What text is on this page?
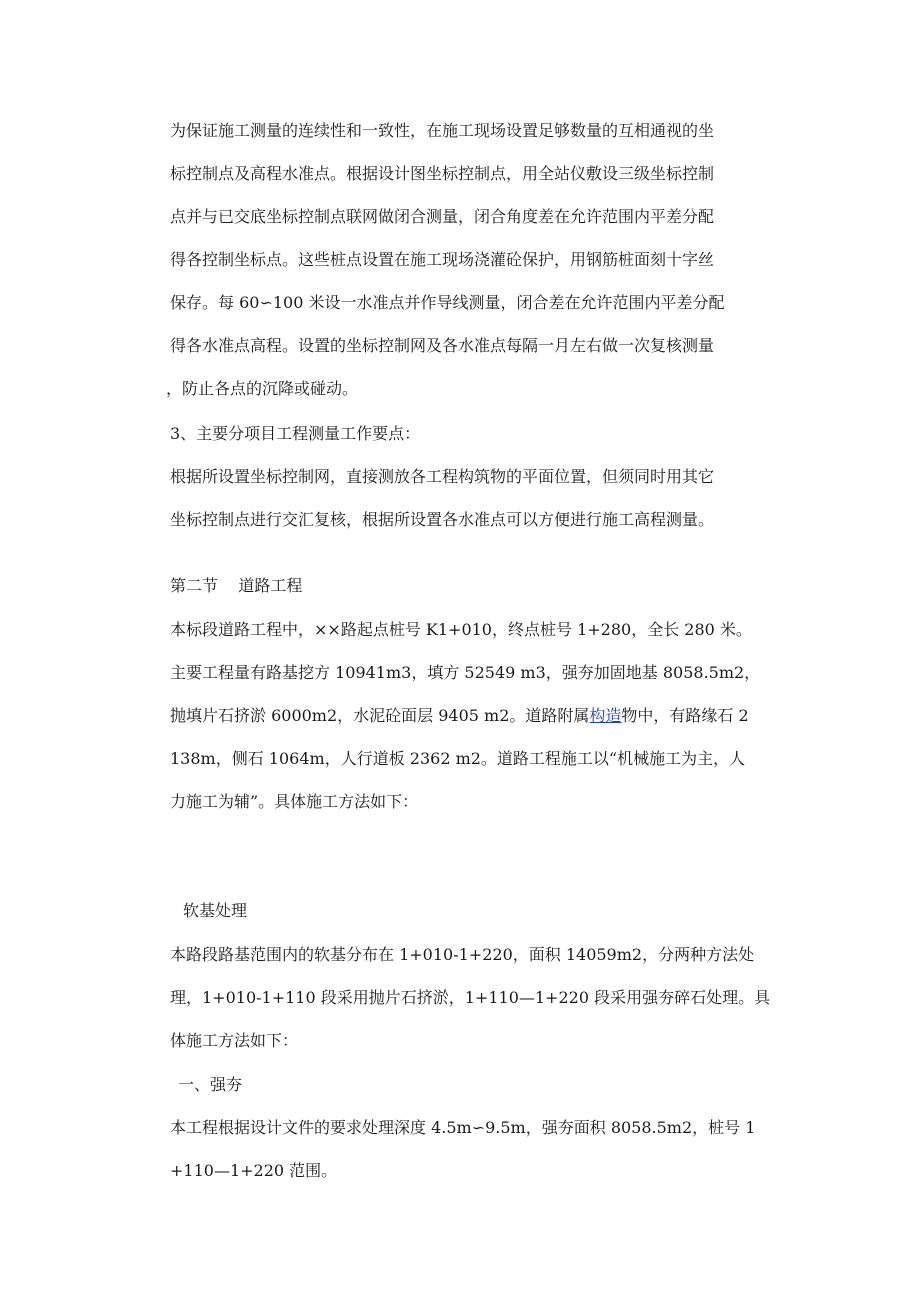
为保证施工测量的连续性和一致性，在施工现场设置足够数量的互相通视的坐
标控制点及高程水准点。根据设计图坐标控制点，用全站仪敷设三级坐标控制
点并与已交底坐标控制点联网做闭合测量，闭合角度差在允许范围内平差分配
得各控制坐标点。这些桩点设置在施工现场浇灌砼保护，用钢筋桩面刻十字丝
保存。每 60∽100 米设一水准点并作导线测量，闭合差在允许范围内平差分配
得各水准点高程。设置的坐标控制网及各水准点每隔一月左右做一次复核测量
，防止各点的沉降或碰动。
3、主要分项目工程测量工作要点：
根据所设置坐标控制网，直接测放各工程构筑物的平面位置，但须同时用其它
坐标控制点进行交汇复核，根据所设置各水准点可以方便进行施工高程测量。
第二节    道路工程
本标段道路工程中，××路起点桩号 K1+010，终点桩号 1+280，全长 280 米。
主要工程量有路基挖方 10941m3，填方 52549 m3，强夯加固地基 8058.5m2，
抛填片石挤淤 6000m2，水泥砼面层 9405 m2。道路附属构造物中，有路缘石 2
138m，侧石 1064m，人行道板 2362 m2。道路工程施工以“机械施工为主，人
力施工为辅”。具体施工方法如下：
软基处理
本路段路基范围内的软基分布在 1+010-1+220，面积 14059m2，分两种方法处
理，1+010-1+110 段采用抛片石挤淤，1+110—1+220 段采用强夯碎石处理。具
体施工方法如下：
一、强夯
本工程根据设计文件的要求处理深度 4.5m∽9.5m，强夯面积 8058.5m2，桩号 1
+110—1+220 范围。
